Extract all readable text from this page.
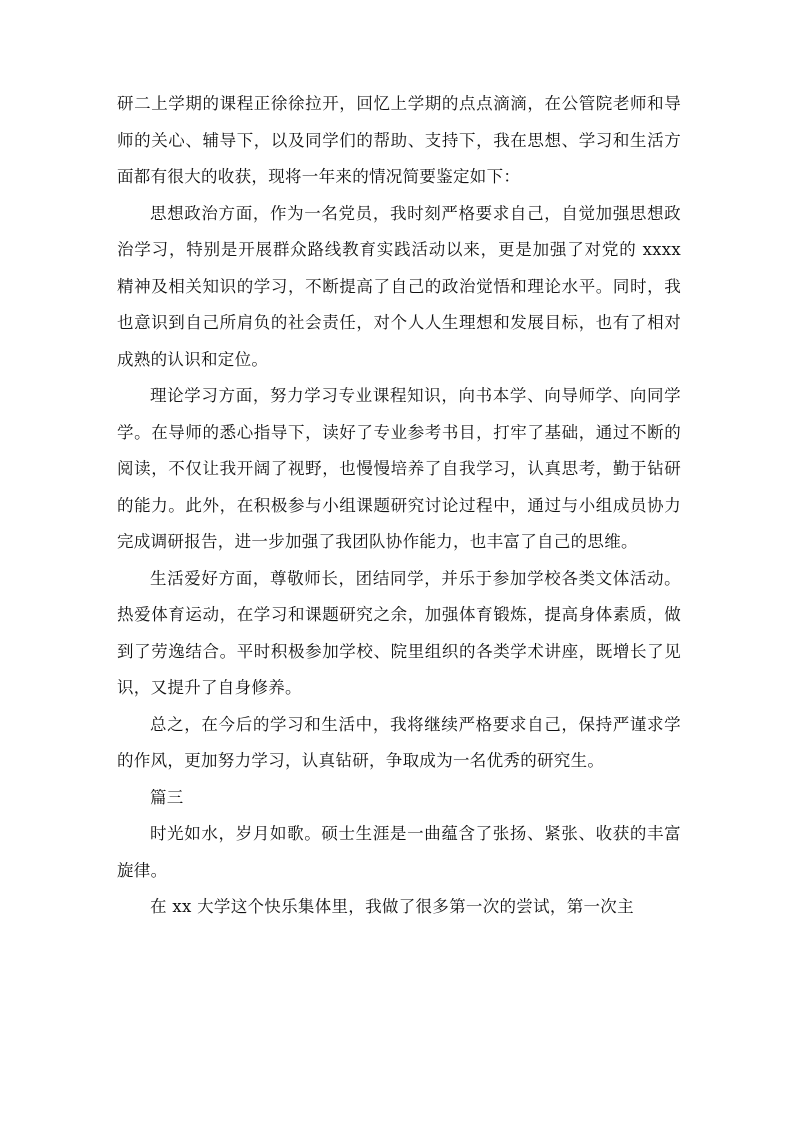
研二上学期的课程正徐徐拉开，回忆上学期的点点滴滴，在公管院老师和导师的关心、辅导下，以及同学们的帮助、支持下，我在思想、学习和生活方面都有很大的收获，现将一年来的情况简要鉴定如下：

思想政治方面，作为一名党员，我时刻严格要求自己，自觉加强思想政治学习，特别是开展群众路线教育实践活动以来，更是加强了对党的 xxxx 精神及相关知识的学习，不断提高了自己的政治觉悟和理论水平。同时，我也意识到自己所肩负的社会责任，对个人人生理想和发展目标，也有了相对成熟的认识和定位。

理论学习方面，努力学习专业课程知识，向书本学、向导师学、向同学学。在导师的悉心指导下，读好了专业参考书目，打牢了基础，通过不断的阅读，不仅让我开阔了视野，也慢慢培养了自我学习，认真思考，勤于钻研的能力。此外，在积极参与小组课题研究讨论过程中，通过与小组成员协力完成调研报告，进一步加强了我团队协作能力，也丰富了自己的思维。

生活爱好方面，尊敬师长，团结同学，并乐于参加学校各类文体活动。热爱体育运动，在学习和课题研究之余，加强体育锻炼，提高身体素质，做到了劳逸结合。平时积极参加学校、院里组织的各类学术讲座，既增长了见识，又提升了自身修养。

总之，在今后的学习和生活中，我将继续严格要求自己，保持严谨求学的作风，更加努力学习，认真钻研，争取成为一名优秀的研究生。

篇三

时光如水，岁月如歌。硕士生涯是一曲蕴含了张扬、紧张、收获的丰富旋律。

在 xx 大学这个快乐集体里，我做了很多第一次的尝试，第一次主
